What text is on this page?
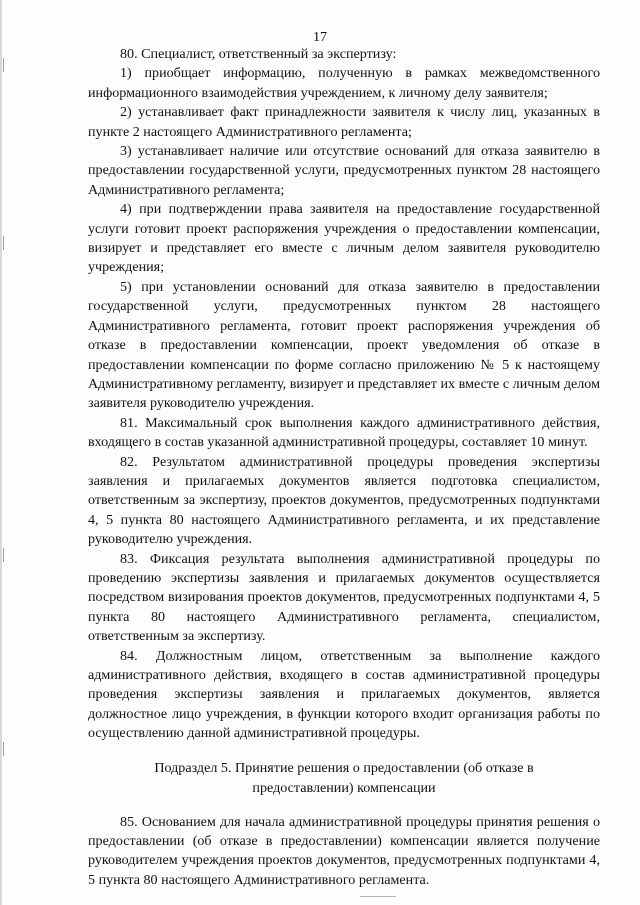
17

80. Специалист, ответственный за экспертизу:

1) приобщает информацию, полученную в рамках межведомственного информационного взаимодействия учреждением, к личному делу заявителя;

2) устанавливает факт принадлежности заявителя к числу лиц, указанных в пункте 2 настоящего Административного регламента;

3) устанавливает наличие или отсутствие оснований для отказа заявителю в предоставлении государственной услуги, предусмотренных пунктом 28 настоящего Административного регламента;

4) при подтверждении права заявителя на предоставление государственной услуги готовит проект распоряжения учреждения о предоставлении компенсации, визирует и представляет его вместе с личным делом заявителя руководителю учреждения;

5) при установлении оснований для отказа заявителю в предоставлении государственной услуги, предусмотренных пунктом 28 настоящего Административного регламента, готовит проект распоряжения учреждения об отказе в предоставлении компенсации, проект уведомления об отказе в предоставлении компенсации по форме согласно приложению № 5 к настоящему Административному регламенту, визирует и представляет их вместе с личным делом заявителя руководителю учреждения.

81. Максимальный срок выполнения каждого административного действия, входящего в состав указанной административной процедуры, составляет 10 минут.

82. Результатом административной процедуры проведения экспертизы заявления и прилагаемых документов является подготовка специалистом, ответственным за экспертизу, проектов документов, предусмотренных подпунктами 4, 5 пункта 80 настоящего Административного регламента, и их представление руководителю учреждения.

83. Фиксация результата выполнения административной процедуры по проведению экспертизы заявления и прилагаемых документов осуществляется посредством визирования проектов документов, предусмотренных подпунктами 4, 5 пункта 80 настоящего Административного регламента, специалистом, ответственным за экспертизу.

84. Должностным лицом, ответственным за выполнение каждого административного действия, входящего в состав административной процедуры проведения экспертизы заявления и прилагаемых документов, является должностное лицо учреждения, в функции которого входит организация работы по осуществлению данной административной процедуры.

Подраздел 5. Принятие решения о предоставлении (об отказе в
предоставлении) компенсации

85. Основанием для начала административной процедуры принятия решения о предоставлении (об отказе в предоставлении) компенсации является получение руководителем учреждения проектов документов, предусмотренных подпунктами 4, 5 пункта 80 настоящего Административного регламента.
